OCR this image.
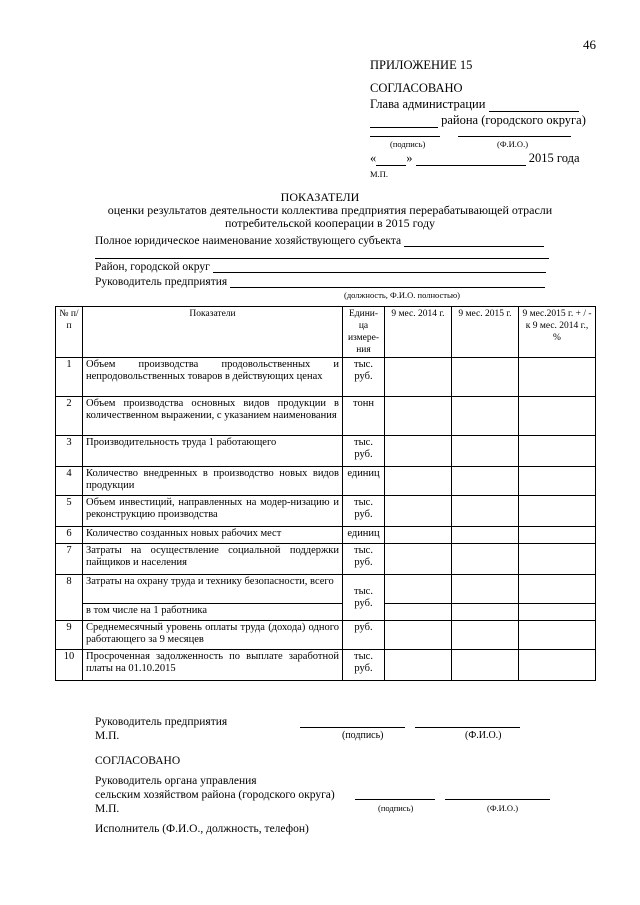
46
ПРИЛОЖЕНИЕ 15
СОГЛАСОВАНО
Глава администрации
района (городского округа)
(подпись)	(Ф.И.О.)
« »	2015 года
М.П.
ПОКАЗАТЕЛИ
оценки результатов деятельности коллектива предприятия перерабатывающей отрасли
потребительской кооперации в 2015 году
Полное юридическое наименование хозяйствующего субъекта
Район, городской округ
Руководитель предприятия
(должность, Ф.И.О. полностью)
№ п/п	Показатели	Едини- ца измере- ния	9 мес. 2014 г.	9 мес. 2015 г.	9 мес.2015 г. + / - к 9 мес. 2014 г., %
1	Объем производства продовольственных и непродовольственных товаров в действующих ценах	тыс. руб.			
2	Объем производства основных видов продукции в количественном выражении, с указанием наименования	тонн			
3	Производительность труда 1 работающего	тыс. руб.			
4	Количество внедренных в производство новых видов продукции	единиц			
5	Объем инвестиций, направленных на модер-низацию и реконструкцию производства	тыс. руб.			
6	Количество созданных новых рабочих мест	единиц			
7	Затраты на осуществление социальной поддержки пайщиков и населения	тыс. руб.			
8	Затраты на охрану труда и технику безопасности, всего	тыс. руб.			
	в том числе на 1 работника				
9	Среднемесячный уровень оплаты труда (дохода) одного работающего за 9 месяцев	руб.			
10	Просроченная задолженность по выплате заработной платы на 01.10.2015	тыс. руб.			
Руководитель предприятия
М.П.	(подпись)	(Ф.И.О.)
СОГЛАСОВАНО
Руководитель органа управления
сельским хозяйством района (городского округа)
М.П.	(подпись)	(Ф.И.О.)
Исполнитель (Ф.И.О., должность, телефон)
